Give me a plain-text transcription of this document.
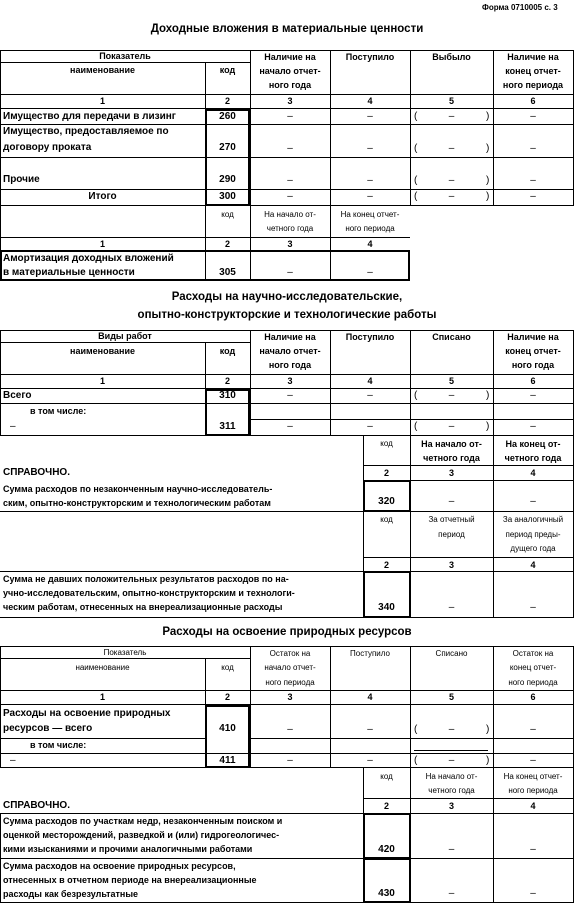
Форма 0710005 с. 3
Доходные вложения в материальные ценности
Показатель
наименование	код
Наличие на
начало отчет-
ного года
Поступило	Выбыло	Наличие на
конец отчет-
ного периода
1	2	3	4	5	6
Имущество для передачи в лизинг	260	–	–	(	–	)	–
Имущество, предоставляемое по
договору проката	270	–	–	(	–	)	–
Прочие	290	–	–	(	–	)	–
Итого	300	–	–	(	–	)	–
код	На начало от-
четного года
На конец отчет-
ного периода
1	2	3	4
Амортизация доходных вложений
в материальные ценности	305	–	–
Расходы на научно-исследовательские,
опытно-конструкторские и технологические работы
Виды работ
наименование	код
Наличие на
начало отчет-
ного года
Поступило	Списано	Наличие на
конец отчет-
ного года
1	2	3	4	5	6
Всего	310	–	–	(	–	)	–
в том числе:
–	311	–	–	(	–	)	–
код	На начало от-
четного года
На конец от-
четного года
2	3	4
СПРАВОЧНО.
Сумма расходов по незаконченным научно-исследователь-
ским, опытно-конструкторским и технологическим работам	320	–	–
код	За отчетный
период
За аналогичный
период преды-
дущего года
2	3	4
Сумма не давших положительных результатов расходов по на-
учно-исследовательским, опытно-конструкторским и технологи-
ческим работам, отнесенных на внереализационные расходы	340	–	–
Расходы на освоение природных ресурсов
Показатель
наименование	код
Остаток на
начало отчет-
ного периода
Поступило	Списано	Остаток на
конец отчет-
ного периода
1	2	3	4	5	6
Расходы на освоение природных
ресурсов — всего	410	–	–	(	–	)	–
в том числе:
–	411	–	–	(	–	)	–
код	На начало от-
четного года
На конец отчет-
ного периода
2	3	4
СПРАВОЧНО.
Сумма расходов по участкам недр, незаконченным поиском и
оценкой месторождений, разведкой и (или) гидрогеологичес-
кими изысканиями и прочими аналогичными работами	420	–	–
Сумма расходов на освоение природных ресурсов,
отнесенных в отчетном периоде на внереализационные
расходы как безрезультатные	430	–	–
